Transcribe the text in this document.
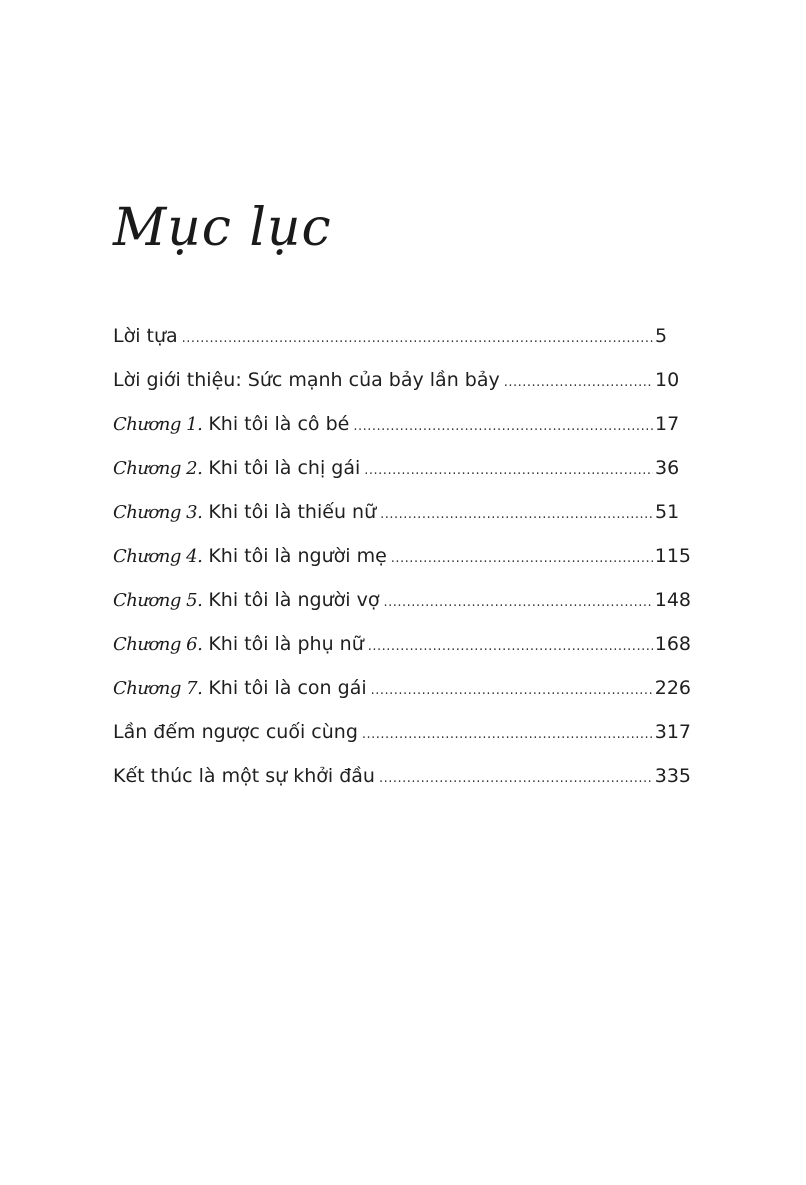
Mục lục
Lời tựa .....	5
Lời giới thiệu: Sức mạnh của bảy lần bảy .....	10
Chương 1. Khi tôi là cô bé .....	17
Chương 2. Khi tôi là chị gái .....	36
Chương 3. Khi tôi là thiếu nữ .....	51
Chương 4. Khi tôi là người mẹ .....	115
Chương 5. Khi tôi là người vợ .....	148
Chương 6. Khi tôi là phụ nữ .....	168
Chương 7. Khi tôi là con gái .....	226
Lần đếm ngược cuối cùng .....	317
Kết thúc là một sự khởi đầu .....	335
